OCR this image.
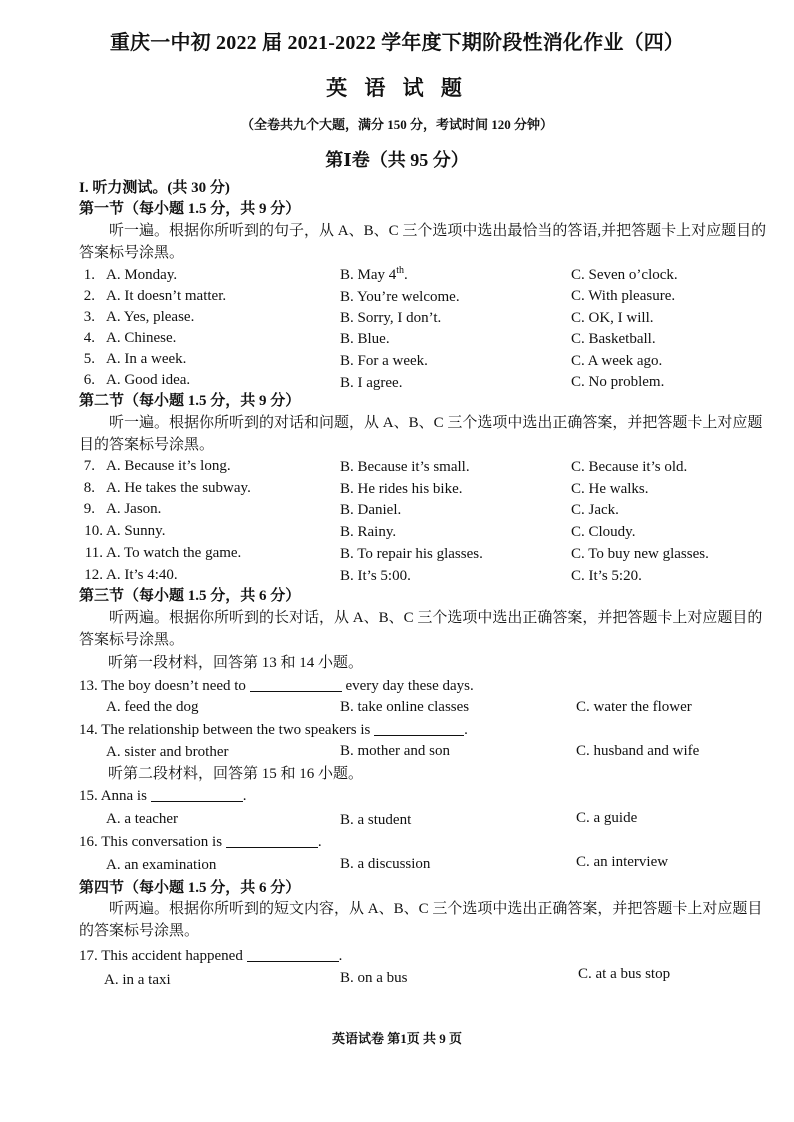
重庆一中初 2022 届 2021-2022 学年度下期阶段性消化作业（四）
英 语 试 题
（全卷共九个大题，满分 150 分，考试时间 120 分钟）
第Ⅰ卷（共 95 分）
I. 听力测试。(共 30 分)
第一节（每小题 1.5 分，共 9 分）
听一遍。根据你所听到的句子，从 A、B、C 三个选项中选出最恰当的答语,并把答题卡上对应题目的答案标号涂黑。
1. A. Monday.	B. May 4th.	C. Seven o’clock.
2. A. It doesn’t matter.	B. You’re welcome.	C. With pleasure.
3. A. Yes, please.	B. Sorry, I don’t.	C. OK, I will.
4. A. Chinese.	B. Blue.	C. Basketball.
5. A. In a week.	B. For a week.	C. A week ago.
6. A. Good idea.	B. I agree.	C. No problem.
第二节（每小题 1.5 分，共 9 分）
听一遍。根据你所听到的对话和问题，从 A、B、C 三个选项中选出正确答案，并把答题卡上对应题目的答案标号涂黑。
7. A. Because it’s long.	B. Because it’s small.	C. Because it’s old.
8. A. He takes the subway.	B. He rides his bike.	C. He walks.
9. A. Jason.	B. Daniel.	C. Jack.
10. A. Sunny.	B. Rainy.	C. Cloudy.
11. A. To watch the game.	B. To repair his glasses.	C. To buy new glasses.
12. A. It’s 4:40.	B. It’s 5:00.	C. It’s 5:20.
第三节（每小题 1.5 分，共 6 分）
听两遍。根据你所听到的长对话，从 A、B、C 三个选项中选出正确答案，并把答题卡上对应题目的答案标号涂黑。
听第一段材料，回答第 13 和 14 小题。
13. The boy doesn’t need to	every day these days.
A. feed the dog	B. take online classes	C. water the flower
14. The relationship between the two speakers is	.
A. sister and brother	B. mother and son	C. husband and wife
听第二段材料，回答第 15 和 16 小题。
15. Anna is	.
A. a teacher	B. a student	C. a guide
16. This conversation is	.
A. an examination	B. a discussion	C. an interview
第四节（每小题 1.5 分，共 6 分）
听两遍。根据你所听到的短文内容，从 A、B、C 三个选项中选出正确答案，并把答题卡上对应题目的答案标号涂黑。
17. This accident happened	.
A. in a taxi	B. on a bus	C. at a bus stop
英语试卷 第1页 共 9 页
